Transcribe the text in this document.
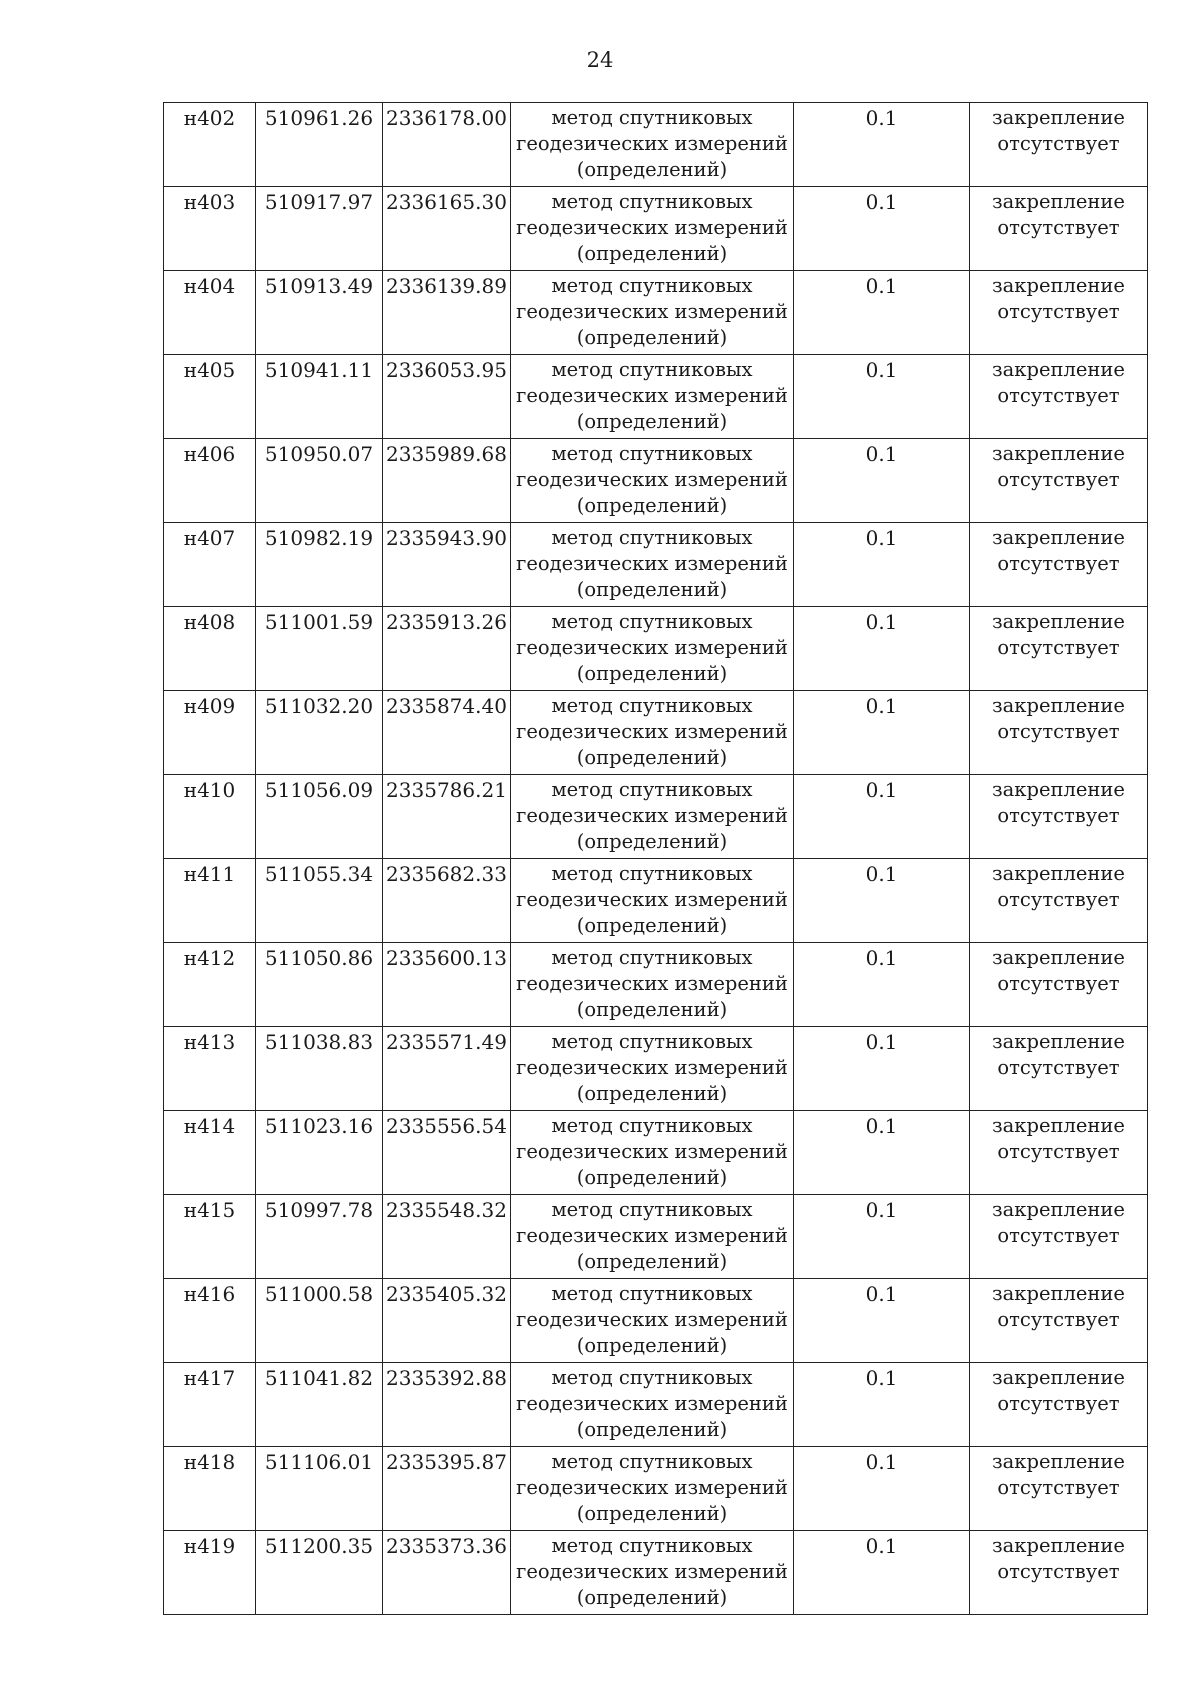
24
н402	510961.26	2336178.00	метод спутниковых геодезических измерений (определений)	0.1	закрепление отсутствует
н403	510917.97	2336165.30	метод спутниковых геодезических измерений (определений)	0.1	закрепление отсутствует
н404	510913.49	2336139.89	метод спутниковых геодезических измерений (определений)	0.1	закрепление отсутствует
н405	510941.11	2336053.95	метод спутниковых геодезических измерений (определений)	0.1	закрепление отсутствует
н406	510950.07	2335989.68	метод спутниковых геодезических измерений (определений)	0.1	закрепление отсутствует
н407	510982.19	2335943.90	метод спутниковых геодезических измерений (определений)	0.1	закрепление отсутствует
н408	511001.59	2335913.26	метод спутниковых геодезических измерений (определений)	0.1	закрепление отсутствует
н409	511032.20	2335874.40	метод спутниковых геодезических измерений (определений)	0.1	закрепление отсутствует
н410	511056.09	2335786.21	метод спутниковых геодезических измерений (определений)	0.1	закрепление отсутствует
н411	511055.34	2335682.33	метод спутниковых геодезических измерений (определений)	0.1	закрепление отсутствует
н412	511050.86	2335600.13	метод спутниковых геодезических измерений (определений)	0.1	закрепление отсутствует
н413	511038.83	2335571.49	метод спутниковых геодезических измерений (определений)	0.1	закрепление отсутствует
н414	511023.16	2335556.54	метод спутниковых геодезических измерений (определений)	0.1	закрепление отсутствует
н415	510997.78	2335548.32	метод спутниковых геодезических измерений (определений)	0.1	закрепление отсутствует
н416	511000.58	2335405.32	метод спутниковых геодезических измерений (определений)	0.1	закрепление отсутствует
н417	511041.82	2335392.88	метод спутниковых геодезических измерений (определений)	0.1	закрепление отсутствует
н418	511106.01	2335395.87	метод спутниковых геодезических измерений (определений)	0.1	закрепление отсутствует
н419	511200.35	2335373.36	метод спутниковых геодезических измерений (определений)	0.1	закрепление отсутствует
